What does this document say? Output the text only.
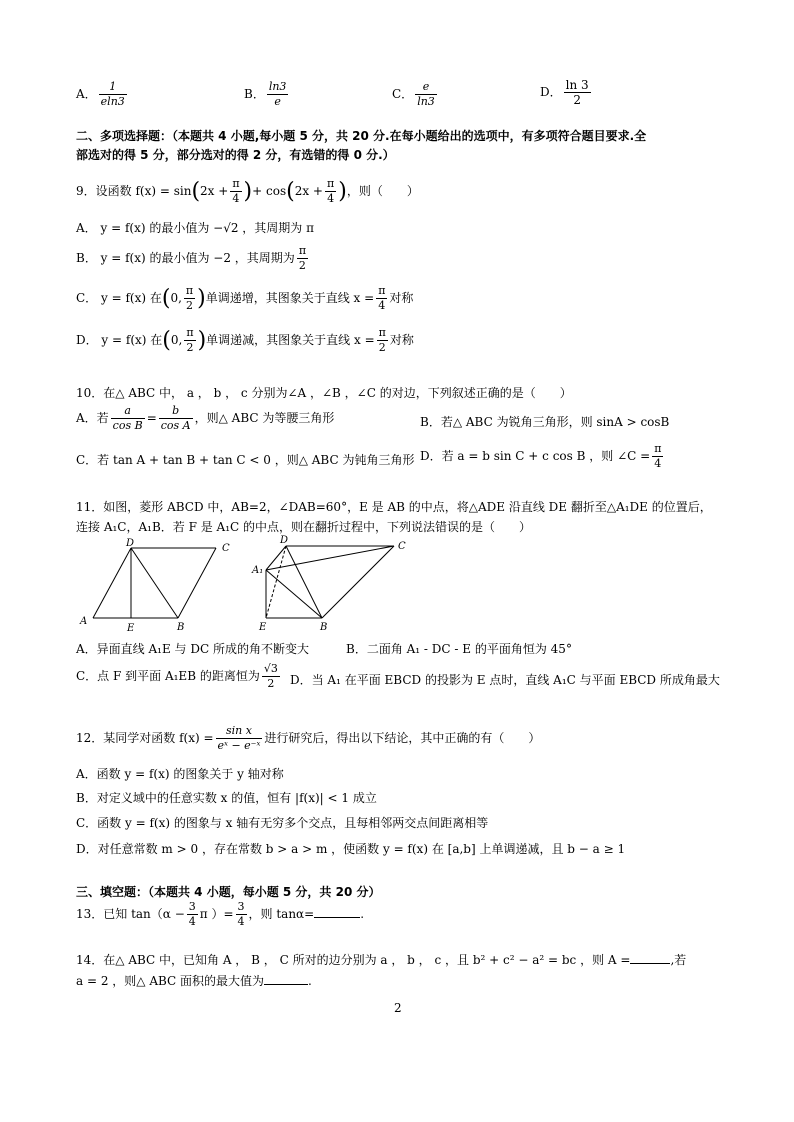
A． $\frac{1}{eln3}$	B． $\frac{\ln 3}{e}$	C． $\frac{e}{\ln 3}$	D． $\frac{\ln 3}{2}$
二、多项选择题：（本题共 4 小题,每小题 5 分，共 20 分.在每小题给出的选项中，有多项符合题目要求.全
部选对的得 5 分，部分选对的得 2 分，有选错的得 0 分.）
9．设函数 $f(x) = \sin(2x + \frac{\pi}{4}$ )+ $\cos(2x + \frac{\pi}{4}$ )，则（　　）
A． y = f(x) 的最小值为 −√2 ，其周期为 π
B． y = f(x) 的最小值为 −2 ，其周期为 $\frac{\pi}{2}$
C． y = f(x) 在(0, $\frac{\pi}{2}$ )单调递增，其图象关于直线 $x = \frac{\pi}{4}$ 对称
D． y = f(x) 在(0, $\frac{\pi}{2}$ )单调递减，其图象关于直线 $x = \frac{\pi}{2}$ 对称
10．在△ ABC 中， a ， b ， c 分别为∠A ，∠B ，∠C 的对边，下列叙述正确的是（　　）
A．若 $\frac{a}{\text{cos B}} = \frac{b}{\text{cos A}}$ ，则△ ABC 为等腰三角形	B．若△ ABC 为锐角三角形，则 sinA > cosB
C．若 tan A + tan B + tan C < 0 ，则△ ABC 为钝角三角形 D．若 a = b sin C + c cos B ，则 ∠C = $\frac{\pi}{4}$
11．如图，菱形 ABCD 中，AB=2，∠DAB=60°，E 是 AB 的中点，将△ADE 沿直线 DE 翻折至△A₁DE 的位置后，
连接 A₁C，A₁B．若 F 是 A₁C 的中点，则在翻折过程中，下列说法错误的是（　　）
D	C
A
E	B
D
C
A₁
E	B
A．异面直线 A₁E 与 DC 所成的角不断变大	B．二面角 A₁ - DC - E 的平面角恒为 45°
C．点 F 到平面 A₁EB 的距离恒为 $\frac{√3}{2}$ D．当 A₁ 在平面 EBCD 的投影为 E 点时，直线 A₁C 与平面 EBCD 所成角最大
12．某同学对函数 $f(x) = \frac{\text{sin x}}{\text{eˣ − e⁻ˣ}}$ 进行研究后，得出以下结论，其中正确的有（　　）
A．函数 y = f(x) 的图象关于 y 轴对称
B．对定义域中的任意实数 x 的值，恒有 |f(x)| < 1 成立
C．函数 y = f(x) 的图象与 x 轴有无穷多个交点，且每相邻两交点间距离相等
D．对任意常数 m > 0 ，存在常数 b > a > m ，使函数 y = f(x) 在 [a,b] 上单调递减，且 b − a ≥ 1
三、填空题：（本题共 4 小题，每小题 5 分，共 20 分）
13．已知 $\tan(\alpha - \frac{3}{4}$ π ）= $\frac{3}{4}$ ，则 tanα=	.
14．在△ ABC 中，已知角 A ， B ， C 所对的边分别为 a ， b ， c ，且 b² + c² − a² = bc ，则 A =	,若
a = 2 ，则△ ABC 面积的最大值为	.
2
